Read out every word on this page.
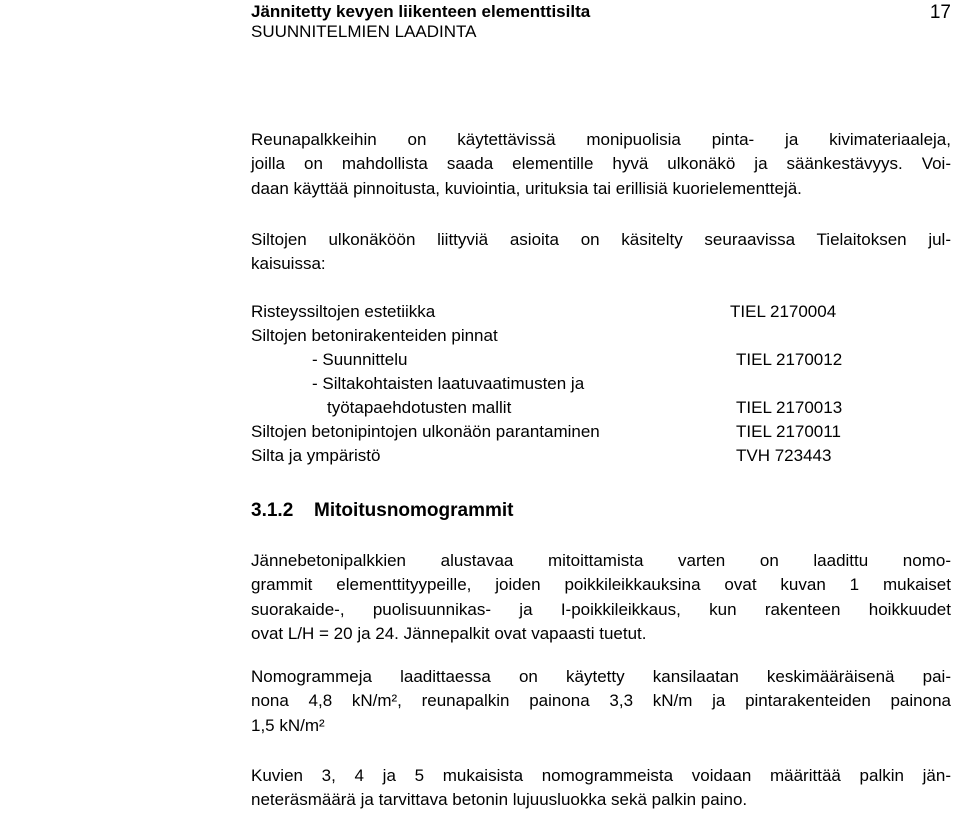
Jännitetty kevyen liikenteen elementtisilta
SUUNNITELMIEN LAADINTA
17
Reunapalkkeihin on käytettävissä monipuolisia pinta- ja kivimateriaaleja,
joilla on mahdollista saada elementille hyvä ulkonäkö ja säänkestävyys. Voi-
daan käyttää pinnoitusta, kuviointia, urituksia tai erillisiä kuorielementtejä.
Siltojen ulkonäköön liittyviä asioita on käsitelty seuraavissa Tielaitoksen jul-
kaisuissa:
Risteyssiltojen estetiikka	TIEL 2170004
Siltojen betonirakenteiden pinnat
- Suunnittelu	TIEL 2170012
- Siltakohtaisten laatuvaatimusten ja
työtapaehdotusten mallit	TIEL 2170013
Siltojen betonipintojen ulkonäön parantaminen	TIEL 2170011
Silta ja ympäristö	TVH 723443
3.1.2 Mitoitusnomogrammit
Jännebetonipalkkien alustavaa mitoittamista varten on laadittu nomo-
grammit elementtityypeille, joiden poikkileikkauksina ovat kuvan 1 mukaiset
suorakaide-, puolisuunnikas- ja I-poikkileikkaus, kun rakenteen hoikkuudet
ovat L/H = 20 ja 24. Jännepalkit ovat vapaasti tuetut.
Nomogrammeja laadittaessa on käytetty kansilaatan keskimääräisenä pai-
nona 4,8 kN/m², reunapalkin painona 3,3 kN/m ja pintarakenteiden painona
1,5 kN/m²
Kuvien 3, 4 ja 5 mukaisista nomogrammeista voidaan määrittää palkin jän-
neteräsmäärä ja tarvittava betonin lujuusluokka sekä palkin paino.
